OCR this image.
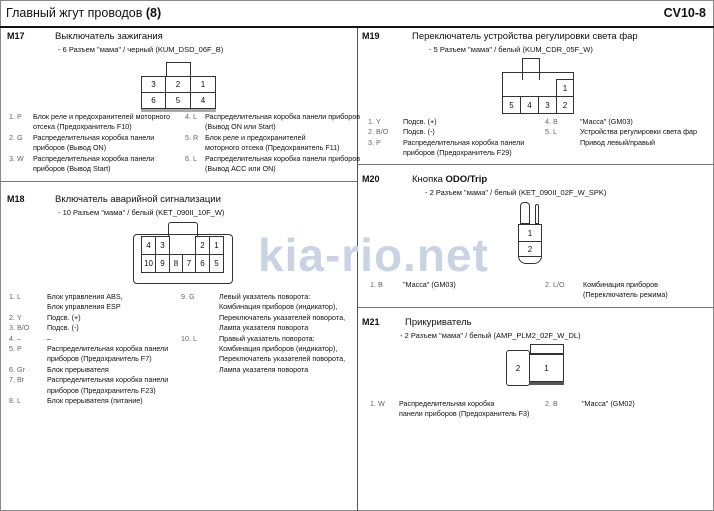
Главный жгут проводов (8)	CV10-8
kia-rio.net
M17	Выключатель зажигания
- 6 Разъем "мама" / черный (KUM_DSD_06F_B)
3	2	1
6	5	4
1. P	Блок реле и предохранителей моторного
отсека (Предохранитель F10)
2. G	Распределительная коробка панели
приборов (Вывод ON)
3. W	Распределительная коробка панели
приборов (Вывод Start)
4. L	Распределительная коробка панели приборов
(Вывод ON или Start)
5. R Блок реле и предохранителей
моторного отсека (Предохранитель F11)
6. L	Распределительная коробка панели приборов
(Вывод ACC или ON)
M18	Включатель аварийной сигнализации
- 10 Разъем "мама" / белый (KET_090II_10F_W)
4	3	2	1
10 9	8	7	6	5
1. L	Блок управления ABS,
Блок управления ESP
2. Y	Подсв. (+)
3. B/O	Подсв. (-)
4. –	–
5. P	Распределительная коробка панели
приборов (Предохранитель F7)
6. Gr	Блок прерывателя
7. Br	Распределительная коробка панели
приборов (Предохранитель F23)
8. L	Блок прерывателя (питание)
9. G	Левый указатель поворота:
Комбинация приборов (индикатор),
Переключатель указателей поворота,
Лампа указателя поворота
10. L	Правый указатель поворота:
Комбинация приборов (индикатор),
Переключатель указателей поворота,
Лампа указателя поворота
M19	Переключатель устройства регулировки света фар
- 5 Разъем "мама" / белый (KUM_CDR_05F_W)
1
5	4	3	2
1. Y	Подсв. (+)
2. B/O	Подсв. (-)
3. P	Распределительная коробка панели
приборов (Предохранитель F29)
4. B	"Масса" (GM03)
5. L	Устройства регулировки света фар
Привод левый/правый
M20	Кнопка ODO/Trip
- 2 Разъем "мама" / белый (KET_090II_02F_W_SPK)
1
2
1. B	"Масса" (GM03)	2. L/O	Комбинация приборов
(Переключатель режима)
M21	Прикуриватель
- 2 Разъем "мама" / белый (AMP_PLM2_02F_W_DL)
2	1
1. W	Распределительная коробка
панели приборов (Предохранитель F3)
2. B	"Масса" (GM02)
